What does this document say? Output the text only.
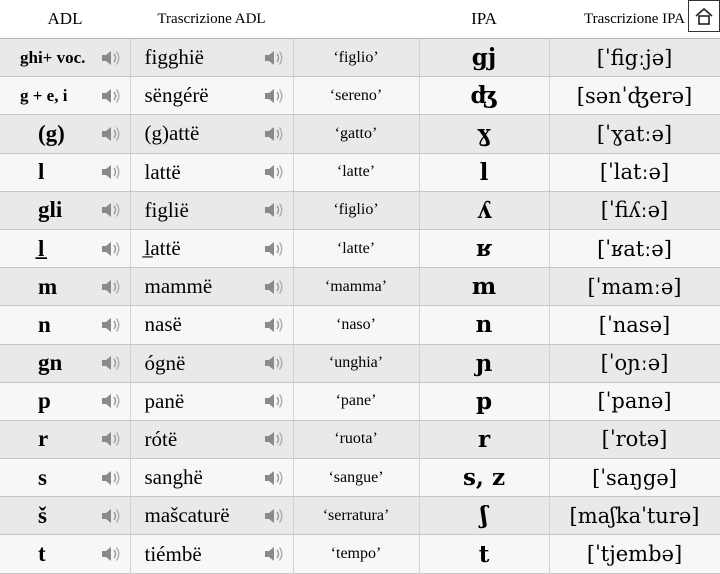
ADL	Trascrizione ADL		IPA	Trascrizione IPA
ghi+ voc.	figghië	‘figlio’	gj	[ˈfigːjə]
g + e, i	sëngérë	‘sereno’	ʤ	[sənˈʤerə]
(g)	(g)attë	‘gatto’	ɣ	[ˈɣatːə]
l	lattë	‘latte’	l	[ˈlatːə]
gli	figliё	‘figlio’	ʎ	[ˈfiʎːə]
l̲	l̲attë	‘latte’	ʁ	[ˈʁatːə]
m	mammë	‘mamma’	m	[ˈmamːə]
n	nasë	‘naso’	n	[ˈnasə]
gn	ógnë	‘unghia’	ɲ	[ˈoɲːə]
p	panë	‘pane’	p	[ˈpanə]
r	rótë	‘ruota’	r	[ˈrotə]
s	sanghë	‘sangue’	s, z	[ˈsaŋgə]
š	mašcaturë	‘serratura’	ʃ	[maʃkaˈturə]
t	tiémbë	‘tempo’	t	[ˈtjembə]
